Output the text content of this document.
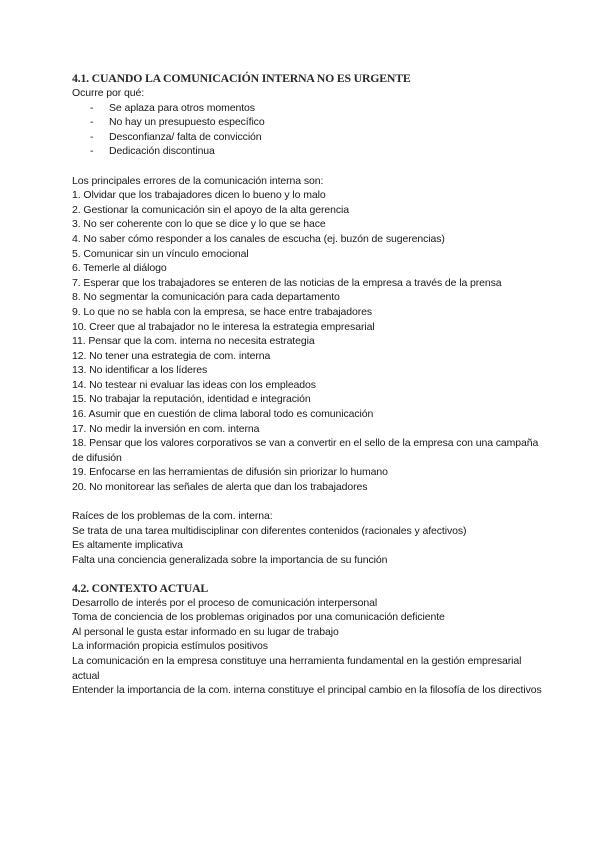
4.1. CUANDO LA COMUNICACIÓN INTERNA NO ES URGENTE

Ocurre por qué:

- Se aplaza para otros momentos
- No hay un presupuesto específico
- Desconfianza/ falta de convicción
- Dedicación discontinua

Los principales errores de la comunicación interna son:

1. Olvidar que los trabajadores dicen lo bueno y lo malo
2. Gestionar la comunicación sin el apoyo de la alta gerencia
3. No ser coherente con lo que se dice y lo que se hace
4. No saber cómo responder a los canales de escucha (ej. buzón de sugerencias)
5. Comunicar sin un vínculo emocional
6. Temerle al diálogo
7. Esperar que los trabajadores se enteren de las noticias de la empresa a través de la prensa
8. No segmentar la comunicación para cada departamento
9. Lo que no se habla con la empresa, se hace entre trabajadores
10. Creer que al trabajador no le interesa la estrategia empresarial
11. Pensar que la com. interna no necesita estrategia
12. No tener una estrategia de com. interna
13. No identificar a los líderes
14. No testear ni evaluar las ideas con los empleados
15. No trabajar la reputación, identidad e integración
16. Asumir que en cuestión de clima laboral todo es comunicación
17. No medir la inversión en com. interna
18. Pensar que los valores corporativos se van a convertir en el sello de la empresa con una campaña de difusión
19. Enfocarse en las herramientas de difusión sin priorizar lo humano
20. No monitorear las señales de alerta que dan los trabajadores

Raíces de los problemas de la com. interna:

Se trata de una tarea multidisciplinar con diferentes contenidos (racionales y afectivos)

Es altamente implicativa

Falta una conciencia generalizada sobre la importancia de su función

4.2. CONTEXTO ACTUAL

Desarrollo de interés por el proceso de comunicación interpersonal

Toma de conciencia de los problemas originados por una comunicación deficiente

Al personal le gusta estar informado en su lugar de trabajo

La información propicia estímulos positivos

La comunicación en la empresa constituye una herramienta fundamental en la gestión empresarial actual

Entender la importancia de la com. interna constituye el principal cambio en la filosofía de los directivos
